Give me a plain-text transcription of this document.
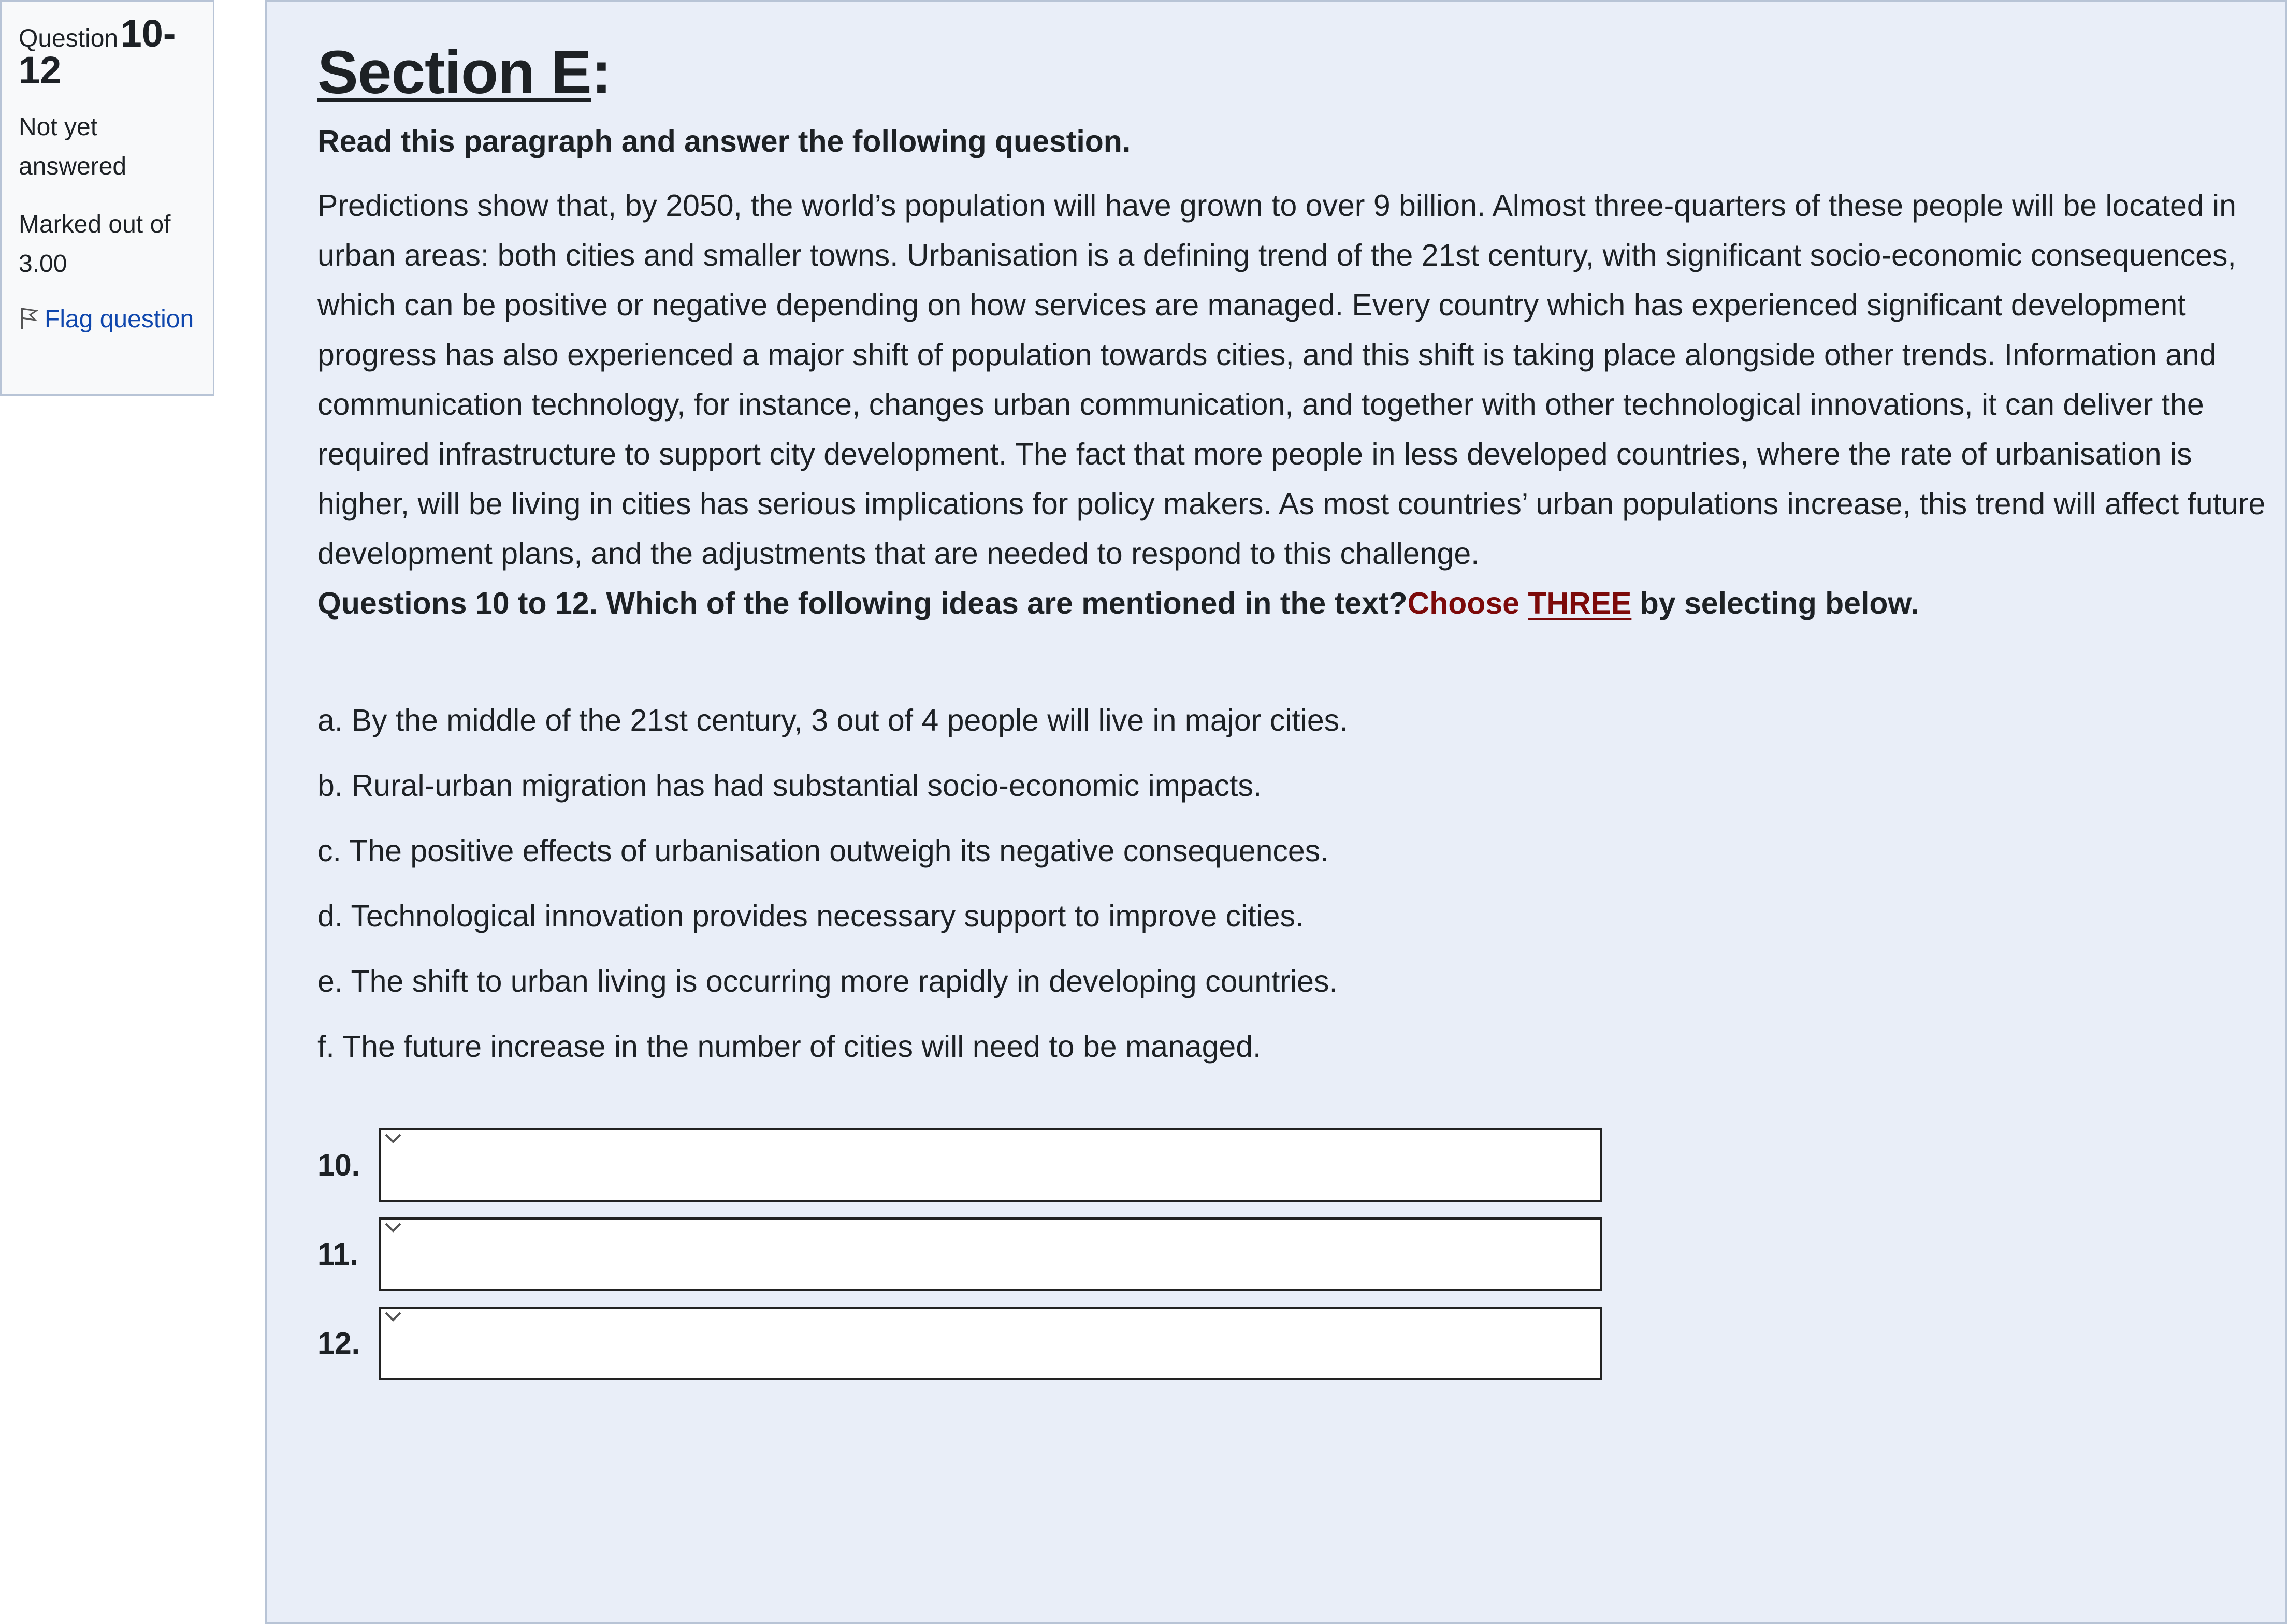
Question 10-12
Not yet answered
Marked out of 3.00
Flag question
Section E:
Read this paragraph and answer the following question.
Predictions show that, by 2050, the world’s population will have grown to over 9 billion. Almost three-quarters of these people will be located in urban areas: both cities and smaller towns. Urbanisation is a defining trend of the 21st century, with significant socio-economic consequences, which can be positive or negative depending on how services are managed. Every country which has experienced significant development progress has also experienced a major shift of population towards cities, and this shift is taking place alongside other trends. Information and communication technology, for instance, changes urban communication, and together with other technological innovations, it can deliver the required infrastructure to support city development. The fact that more people in less developed countries, where the rate of urbanisation is higher, will be living in cities has serious implications for policy makers. As most countries’ urban populations increase, this trend will affect future development plans, and the adjustments that are needed to respond to this challenge.
Questions 10 to 12. Which of the following ideas are mentioned in the text?Choose THREE by selecting below.
a. By the middle of the 21st century, 3 out of 4 people will live in major cities.
b. Rural-urban migration has had substantial socio-economic impacts.
c. The positive effects of urbanisation outweigh its negative consequences.
d. Technological innovation provides necessary support to improve cities.
e. The shift to urban living is occurring more rapidly in developing countries.
f. The future increase in the number of cities will need to be managed.
10.
11.
12.
